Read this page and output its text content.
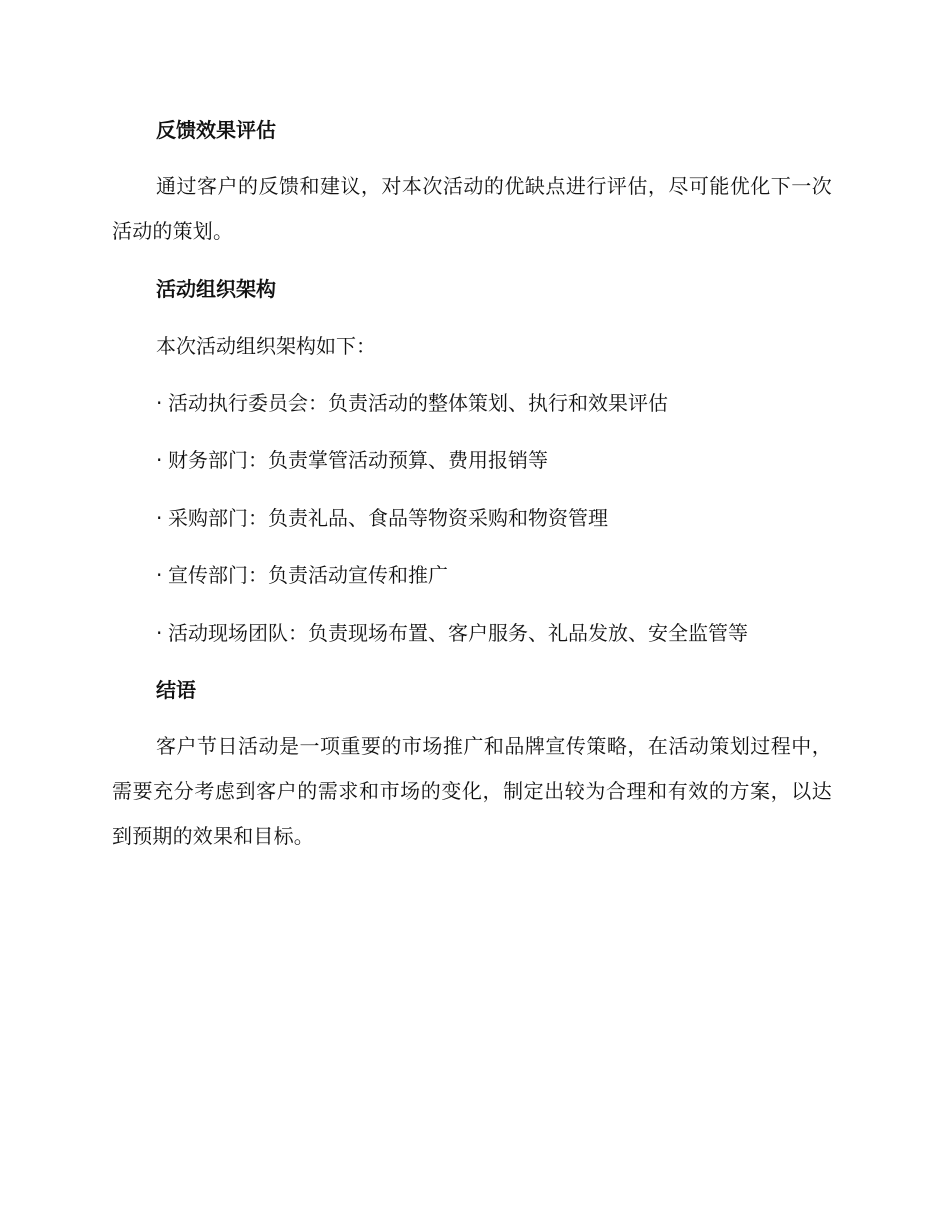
反馈效果评估
通过客户的反馈和建议，对本次活动的优缺点进行评估，尽可能优化下一次活动的策划。
活动组织架构
本次活动组织架构如下：
· 活动执行委员会：负责活动的整体策划、执行和效果评估
· 财务部门：负责掌管活动预算、费用报销等
· 采购部门：负责礼品、食品等物资采购和物资管理
· 宣传部门：负责活动宣传和推广
· 活动现场团队：负责现场布置、客户服务、礼品发放、安全监管等
结语
客户节日活动是一项重要的市场推广和品牌宣传策略，在活动策划过程中，需要充分考虑到客户的需求和市场的变化，制定出较为合理和有效的方案，以达到预期的效果和目标。
